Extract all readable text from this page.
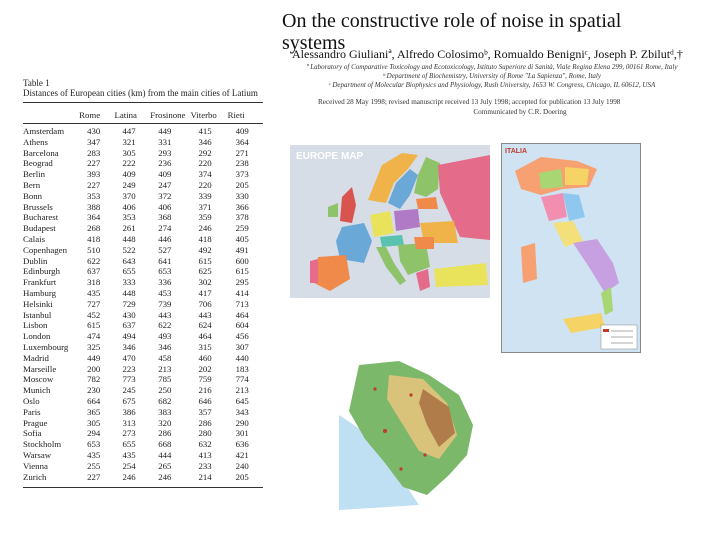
On the constructive role of noise in spatial
systems
Alessandro Giulianiª, Alfredo Colosimoᵇ, Romualdo Benigniᶜ, Joseph P. Zbilutᵈ,†
ª Laboratory of Comparative Toxicology and Ecotoxicology, Istituto Superiore di Sanità, Viale Regina Elena 299, 00161 Rome, Italy
ᵇ Department of Biochemistry, University of Rome "La Sapienza", Rome, Italy
ᶜ Department of Molecular Biophysics and Physiology, Rush University, 1653 W. Congress, Chicago, IL 60612, USA
Received 28 May 1998; revised manuscript received 13 July 1998; accepted for publication 13 July 1998
Communicated by C.R. Doering
Table 1
Distances of European cities (km) from the main cities of Latium
	Rome	Latina	Frosinone	Viterbo	Rieti
Amsterdam	430	447	449	415	409
Athens	347	321	331	346	364
Barcelona	283	305	293	292	271
Beograd	227	222	236	220	238
Berlin	393	409	409	374	373
Bern	227	249	247	220	205
Bonn	353	370	372	339	330
Brussels	388	406	406	371	366
Bucharest	364	353	368	359	378
Budapest	268	261	274	246	259
Calais	418	448	446	418	405
Copenhagen	510	522	527	492	491
Dublin	622	643	641	615	600
Edinburgh	637	655	653	625	615
Frankfurt	318	333	336	302	295
Hamburg	435	448	453	417	414
Helsinki	727	729	739	706	713
Istanbul	452	430	443	443	464
Lisbon	615	637	622	624	604
London	474	494	493	464	456
Luxembourg	325	346	346	315	307
Madrid	449	470	458	460	440
Marseille	200	223	213	202	183
Moscow	782	773	785	759	774
Munich	230	245	250	216	213
Oslo	664	675	682	646	645
Paris	365	386	383	357	343
Prague	305	313	320	286	290
Sofia	294	273	286	280	301
Stockholm	653	655	668	632	636
Warsaw	435	435	444	413	421
Vienna	255	254	265	233	240
Zurich	227	246	246	214	205
EUROPE MAP	ITALIA
